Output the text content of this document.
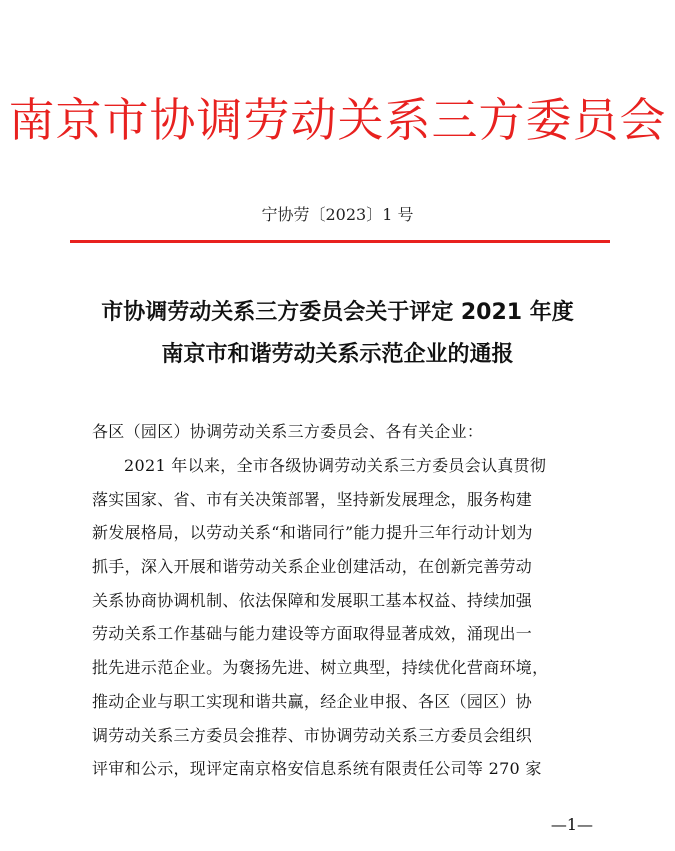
南京市协调劳动关系三方委员会
宁协劳〔2023〕1 号
市协调劳动关系三方委员会关于评定 2021 年度
南京市和谐劳动关系示范企业的通报
各区（园区）协调劳动关系三方委员会、各有关企业：
2021 年以来，全市各级协调劳动关系三方委员会认真贯彻
落实国家、省、市有关决策部署，坚持新发展理念，服务构建
新发展格局，以劳动关系“和谐同行”能力提升三年行动计划为
抓手，深入开展和谐劳动关系企业创建活动，在创新完善劳动
关系协商协调机制、依法保障和发展职工基本权益、持续加强
劳动关系工作基础与能力建设等方面取得显著成效，涌现出一
批先进示范企业。为褒扬先进、树立典型，持续优化营商环境，
推动企业与职工实现和谐共赢，经企业申报、各区（园区）协
调劳动关系三方委员会推荐、市协调劳动关系三方委员会组织
评审和公示，现评定南京格安信息系统有限责任公司等 270 家
—1—
